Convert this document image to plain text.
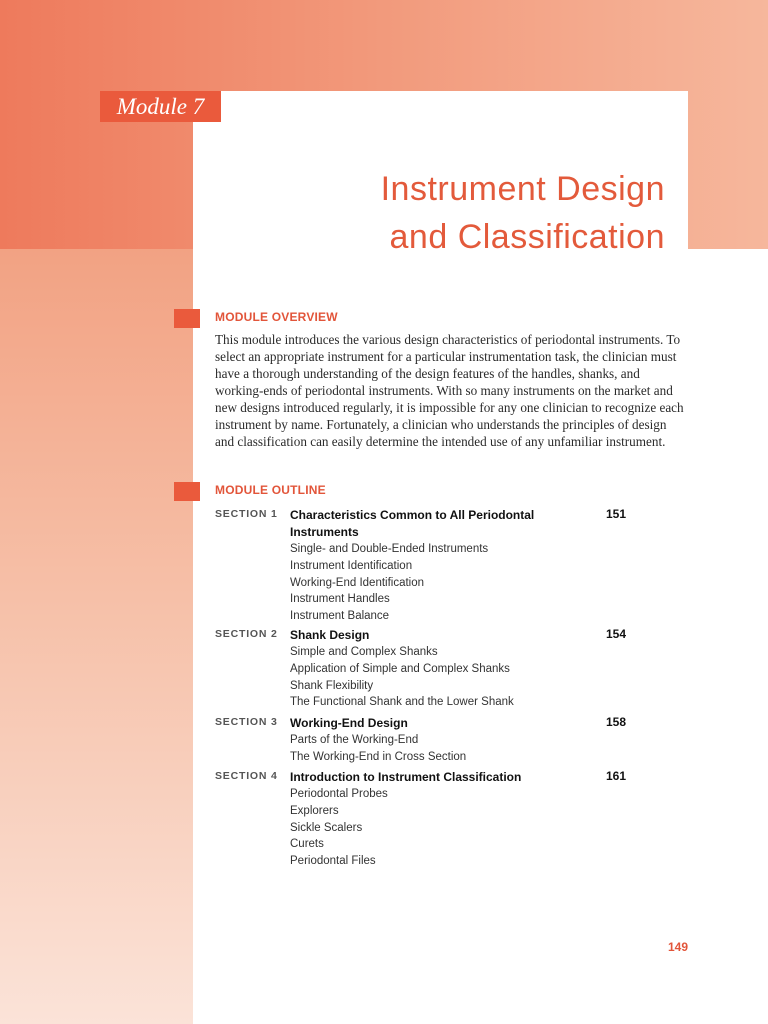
Module 7
Instrument Design
and Classification
MODULE OVERVIEW
This module introduces the various design characteristics of periodontal instruments. To select an appropriate instrument for a particular instrumentation task, the clinician must have a thorough understanding of the design features of the handles, shanks, and working-ends of periodontal instruments. With so many instruments on the market and new designs introduced regularly, it is impossible for any one clinician to recognize each instrument by name. Fortunately, a clinician who understands the principles of design and classification can easily determine the intended use of any unfamiliar instrument.
MODULE OUTLINE
SECTION 1 Characteristics Common to All Periodontal Instruments
Single- and Double-Ended Instruments
Instrument Identification
Working-End Identification
Instrument Handles
Instrument Balance
151
SECTION 2 Shank Design
Simple and Complex Shanks
Application of Simple and Complex Shanks
Shank Flexibility
The Functional Shank and the Lower Shank
154
SECTION 3 Working-End Design
Parts of the Working-End
The Working-End in Cross Section
158
SECTION 4 Introduction to Instrument Classification
Periodontal Probes
Explorers
Sickle Scalers
Curets
Periodontal Files
161
149
